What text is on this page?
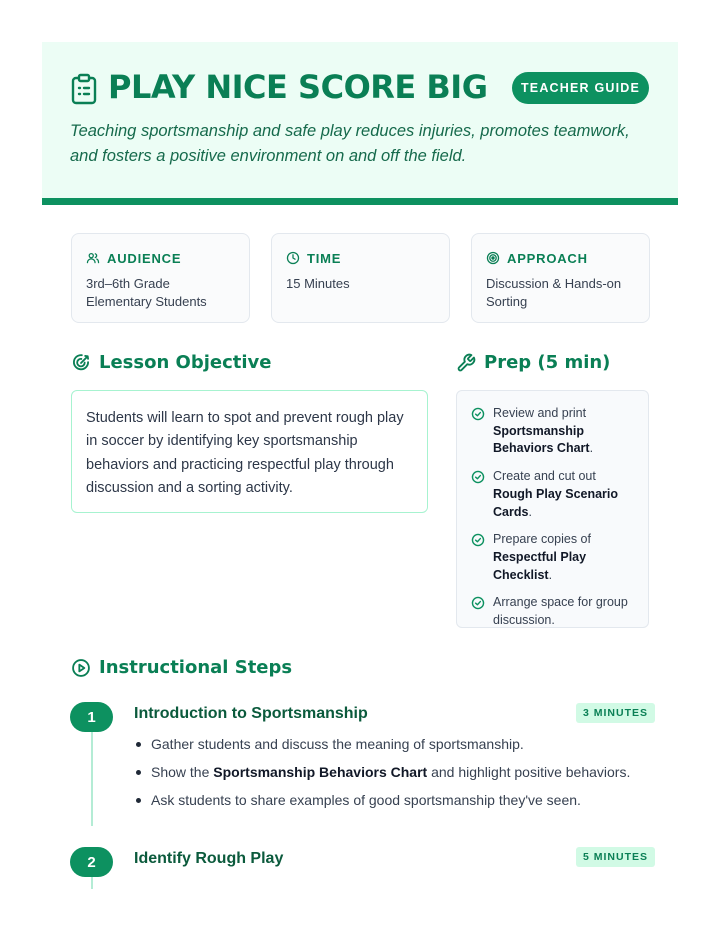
PLAY NICE SCORE BIG	TEACHER GUIDE
Teaching sportsmanship and safe play reduces injuries, promotes teamwork, and fosters a positive environment on and off the field.
AUDIENCE
3rd–6th Grade Elementary Students
TIME
15 Minutes
APPROACH
Discussion & Hands-on Sorting
Lesson Objective
Students will learn to spot and prevent rough play in soccer by identifying key sportsmanship behaviors and practicing respectful play through discussion and a sorting activity.
Prep (5 min)
Review and print Sportsmanship Behaviors Chart.
Create and cut out Rough Play Scenario Cards.
Prepare copies of Respectful Play Checklist.
Arrange space for group discussion.
Instructional Steps
1	Introduction to Sportsmanship	3 MINUTES
Gather students and discuss the meaning of sportsmanship.
Show the Sportsmanship Behaviors Chart and highlight positive behaviors.
Ask students to share examples of good sportsmanship they've seen.
2	Identify Rough Play	5 MINUTES
